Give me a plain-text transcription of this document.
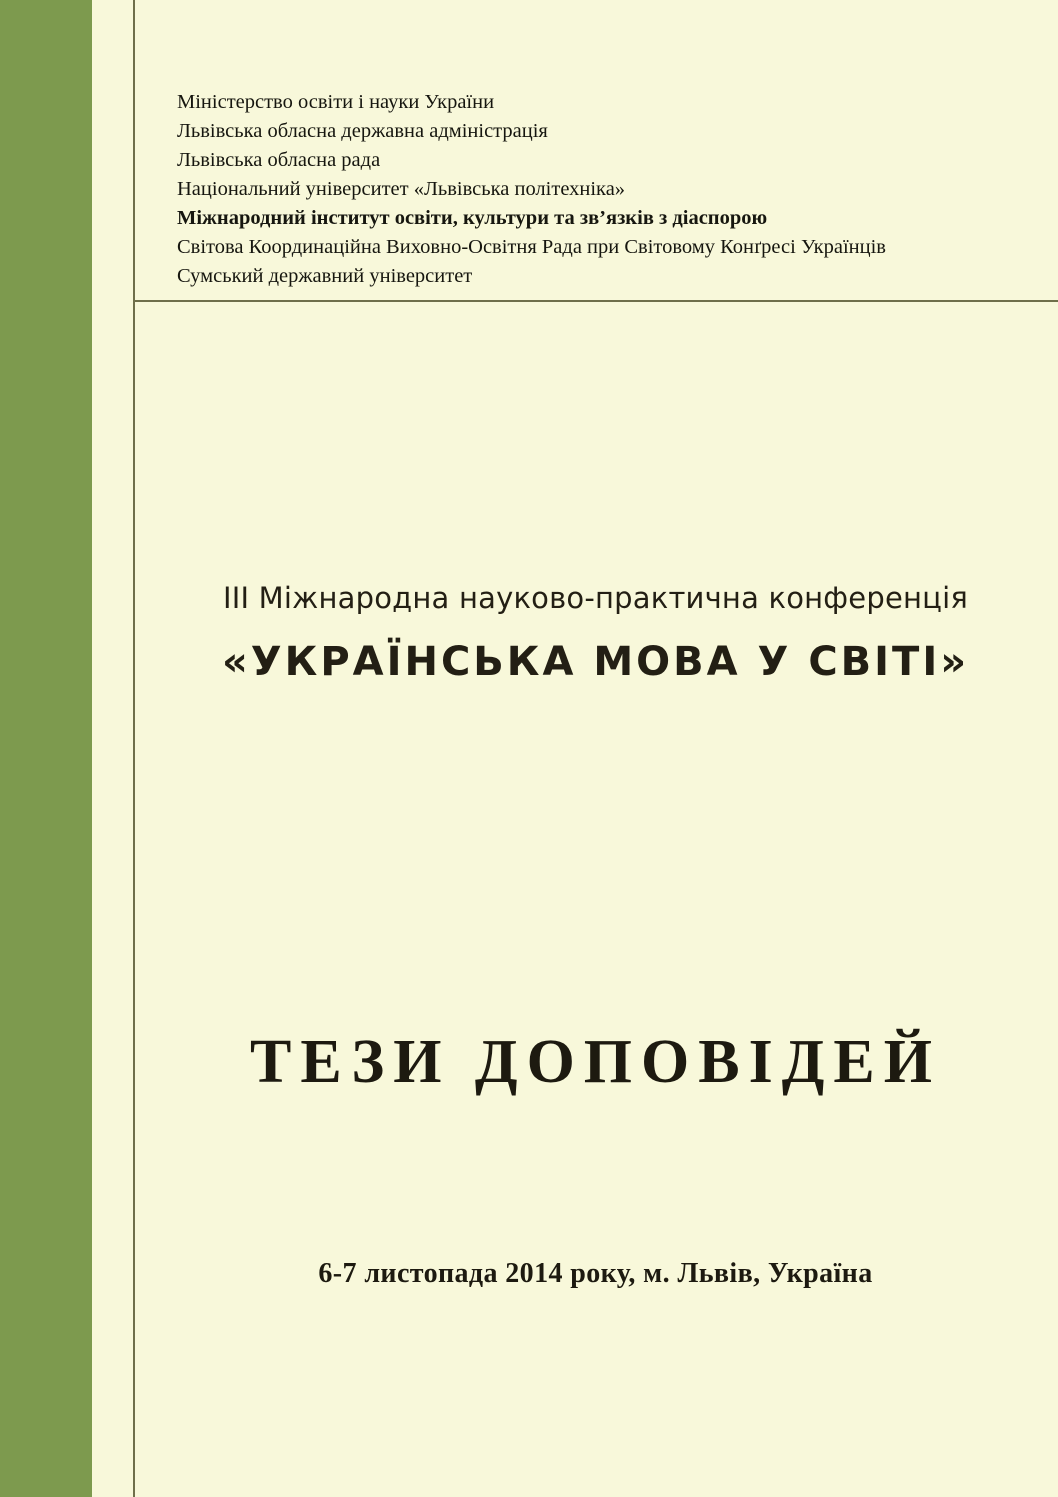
Міністерство освіти і науки України
Львівська обласна державна адміністрація
Львівська обласна рада
Національний університет «Львівська політехніка»
Міжнародний інститут освіти, культури та зв’язків з діаспорою
Світова Координаційна Виховно-Освітня Рада при Світовому Конґресі Українців
Сумський державний університет
III Міжнародна науково-практична конференція
«УКРАЇНСЬКА МОВА У СВІТІ»
ТЕЗИ ДОПОВІДЕЙ
6-7 листопада 2014 року, м. Львів, Україна
